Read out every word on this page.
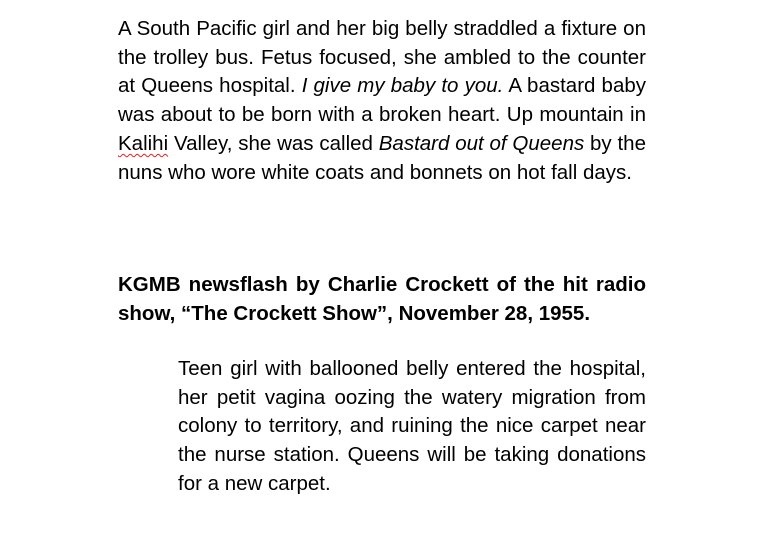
A South Pacific girl and her big belly straddled a fixture on the trolley bus. Fetus focused, she ambled to the counter at Queens hospital. I give my baby to you. A bastard baby was about to be born with a broken heart. Up mountain in Kalihi Valley, she was called Bastard out of Queens by the nuns who wore white coats and bonnets on hot fall days.

KGMB newsflash by Charlie Crockett of the hit radio show, “The Crockett Show”, November 28, 1955.

Teen girl with ballooned belly entered the hospital, her petit vagina oozing the watery migration from colony to territory, and ruining the nice carpet near the nurse station. Queens will be taking donations for a new carpet.
